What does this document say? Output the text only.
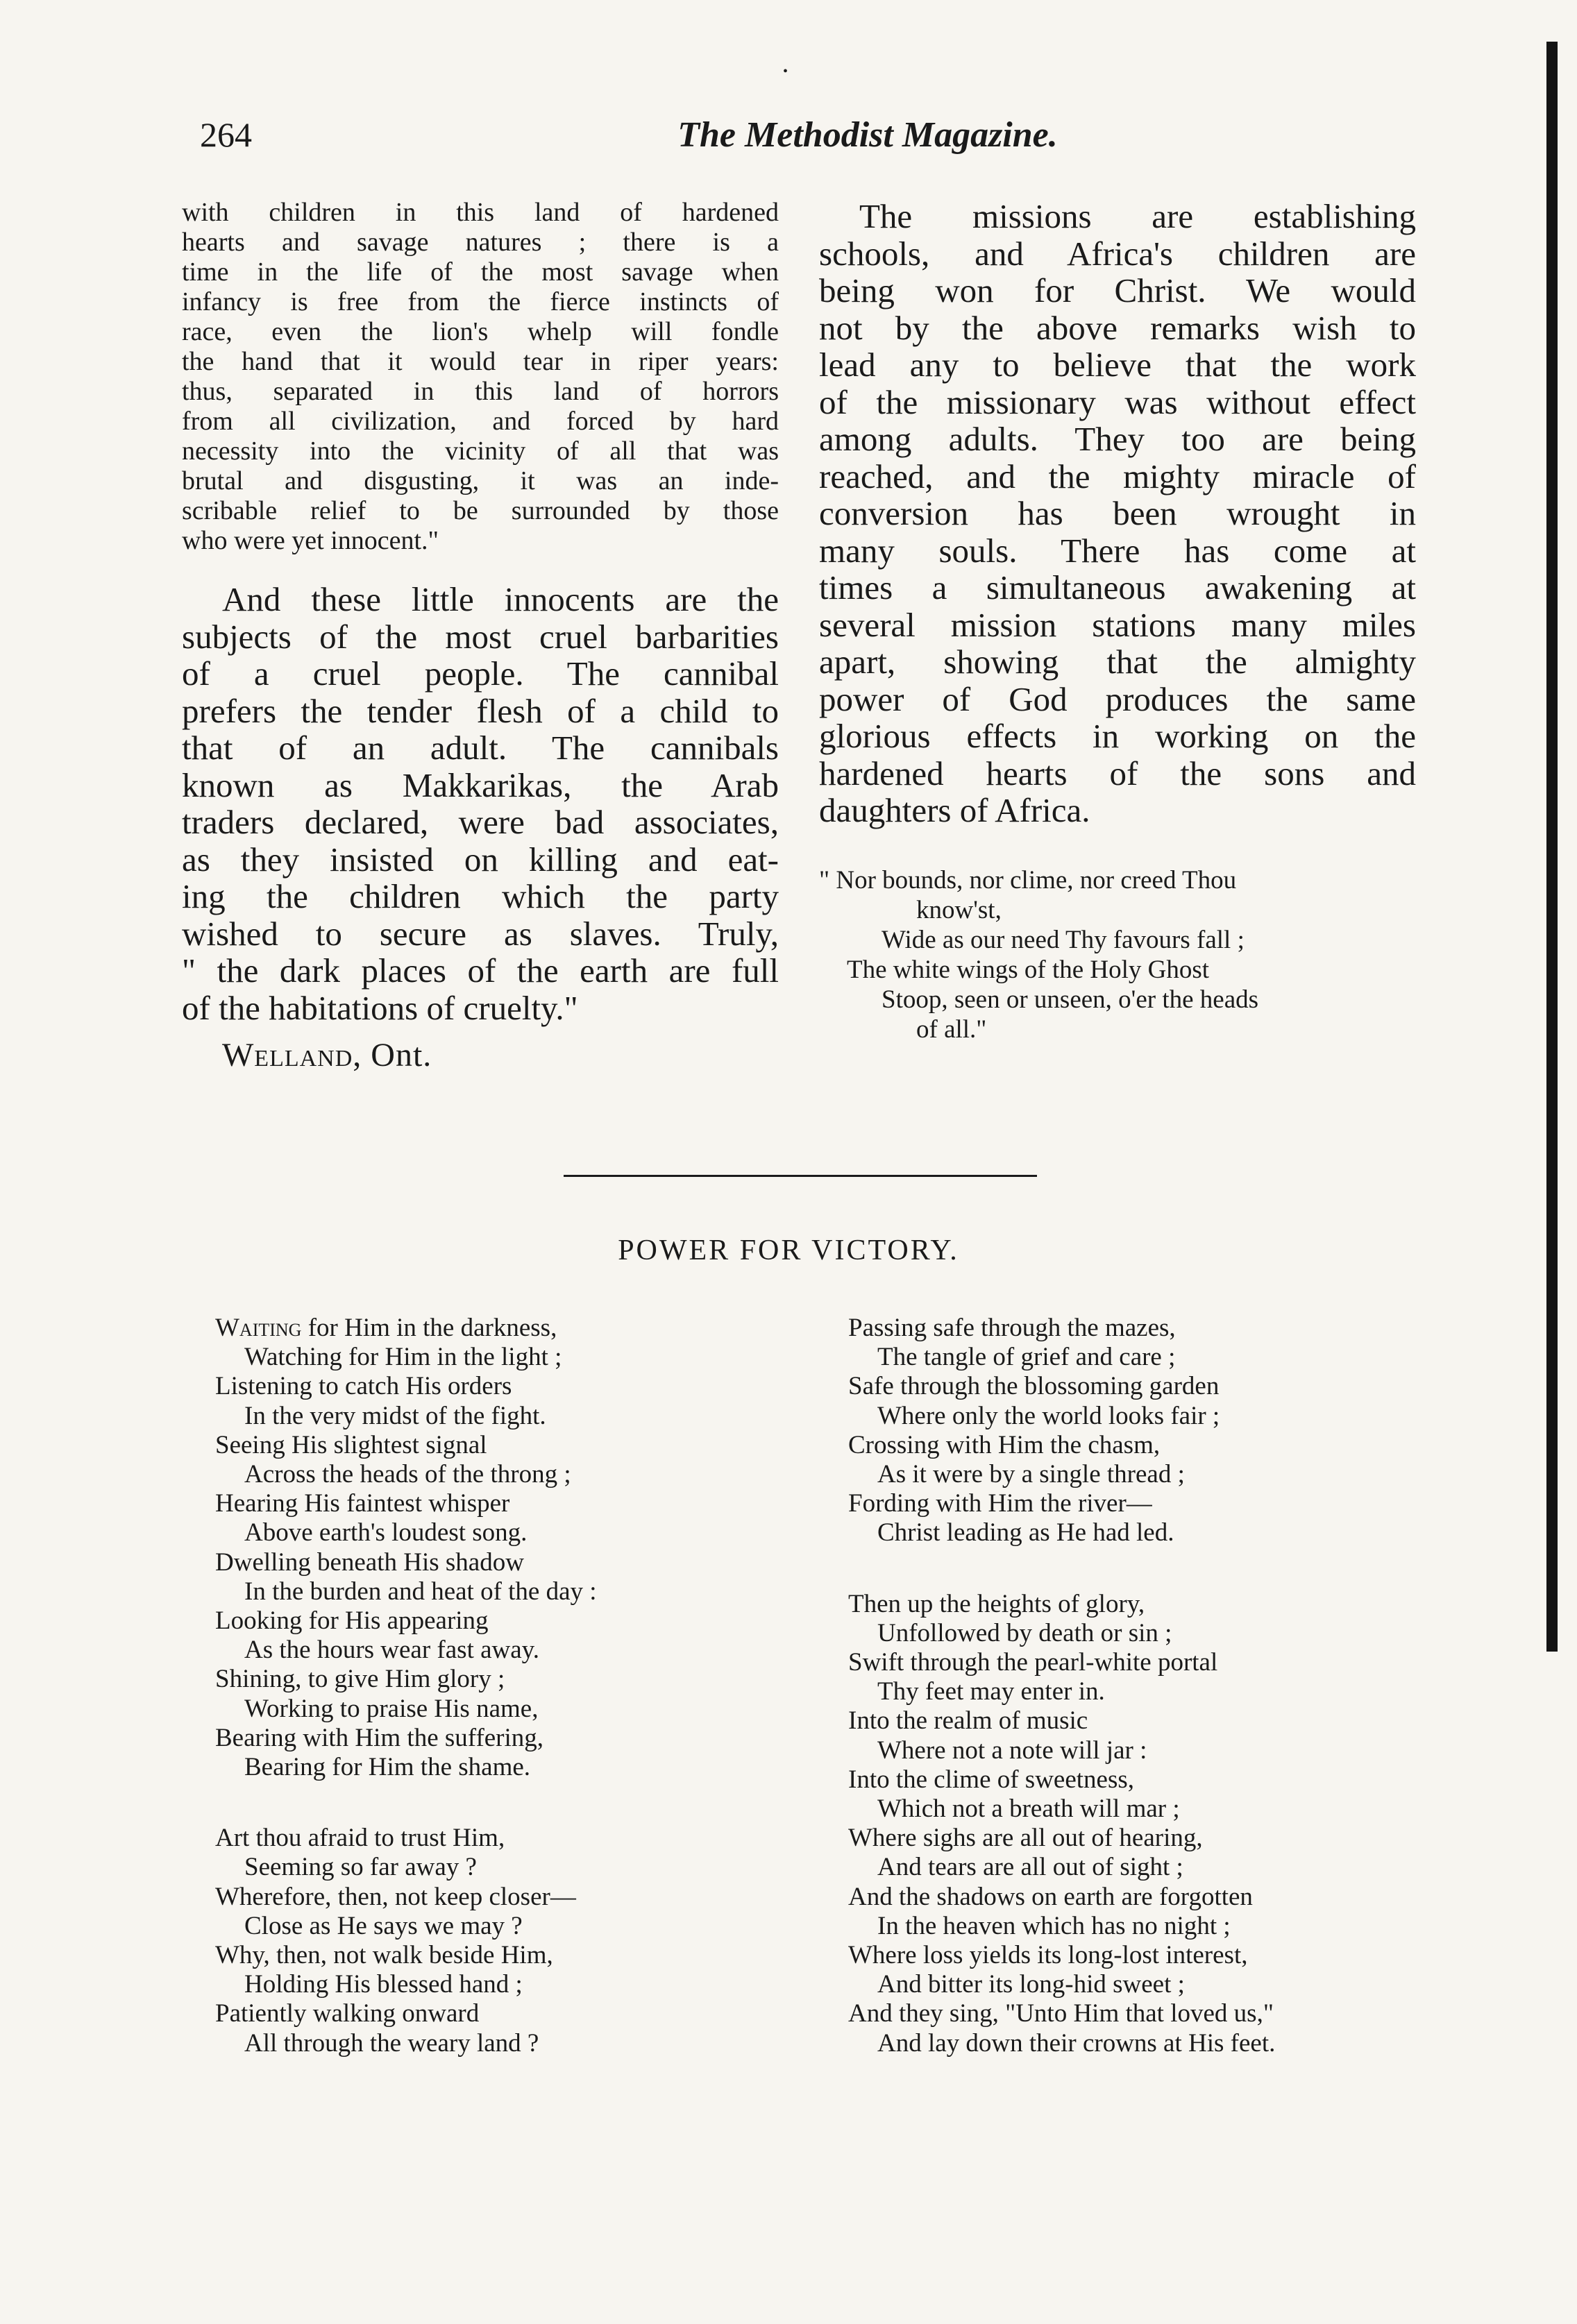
•
264	The Methodist Magazine.
with children in this land of hardened
hearts and savage natures ; there is a
time in the life of the most savage when
infancy is free from the fierce instincts of
race, even the lion's whelp will fondle
the hand that it would tear in riper years:
thus, separated in this land of horrors
from all civilization, and forced by hard
necessity into the vicinity of all that was
brutal and disgusting, it was an inde-
scribable relief to be surrounded by those
who were yet innocent."
And these little innocents are the
subjects of the most cruel barbarities
of a cruel people. The cannibal
prefers the tender flesh of a child to
that of an adult. The cannibals
known as Makkarikas, the Arab
traders declared, were bad associates,
as they insisted on killing and eat-
ing the children which the party
wished to secure as slaves. Truly,
" the dark places of the earth are full
of the habitations of cruelty."
Welland, Ont.
The missions are establishing
schools, and Africa's children are
being won for Christ. We would
not by the above remarks wish to
lead any to believe that the work
of the missionary was without effect
among adults. They too are being
reached, and the mighty miracle of
conversion has been wrought in
many souls. There has come at
times a simultaneous awakening at
several mission stations many miles
apart, showing that the almighty
power of God produces the same
glorious effects in working on the
hardened hearts of the sons and
daughters of Africa.
" Nor bounds, nor clime, nor creed Thou
know'st,
Wide as our need Thy favours fall ;
The white wings of the Holy Ghost
Stoop, seen or unseen, o'er the heads
of all."
POWER FOR VICTORY.
Waiting for Him in the darkness,
Watching for Him in the light ;
Listening to catch His orders
In the very midst of the fight.
Seeing His slightest signal
Across the heads of the throng ;
Hearing His faintest whisper
Above earth's loudest song.
Dwelling beneath His shadow
In the burden and heat of the day :
Looking for His appearing
As the hours wear fast away.
Shining, to give Him glory ;
Working to praise His name,
Bearing with Him the suffering,
Bearing for Him the shame.
Art thou afraid to trust Him,
Seeming so far away ?
Wherefore, then, not keep closer—
Close as He says we may ?
Why, then, not walk beside Him,
Holding His blessed hand ;
Patiently walking onward
All through the weary land ?
Passing safe through the mazes,
The tangle of grief and care ;
Safe through the blossoming garden
Where only the world looks fair ;
Crossing with Him the chasm,
As it were by a single thread ;
Fording with Him the river—
Christ leading as He had led.
Then up the heights of glory,
Unfollowed by death or sin ;
Swift through the pearl-white portal
Thy feet may enter in.
Into the realm of music
Where not a note will jar :
Into the clime of sweetness,
Which not a breath will mar ;
Where sighs are all out of hearing,
And tears are all out of sight ;
And the shadows on earth are forgotten
In the heaven which has no night ;
Where loss yields its long-lost interest,
And bitter its long-hid sweet ;
And they sing, "Unto Him that loved us,"
And lay down their crowns at His feet.
